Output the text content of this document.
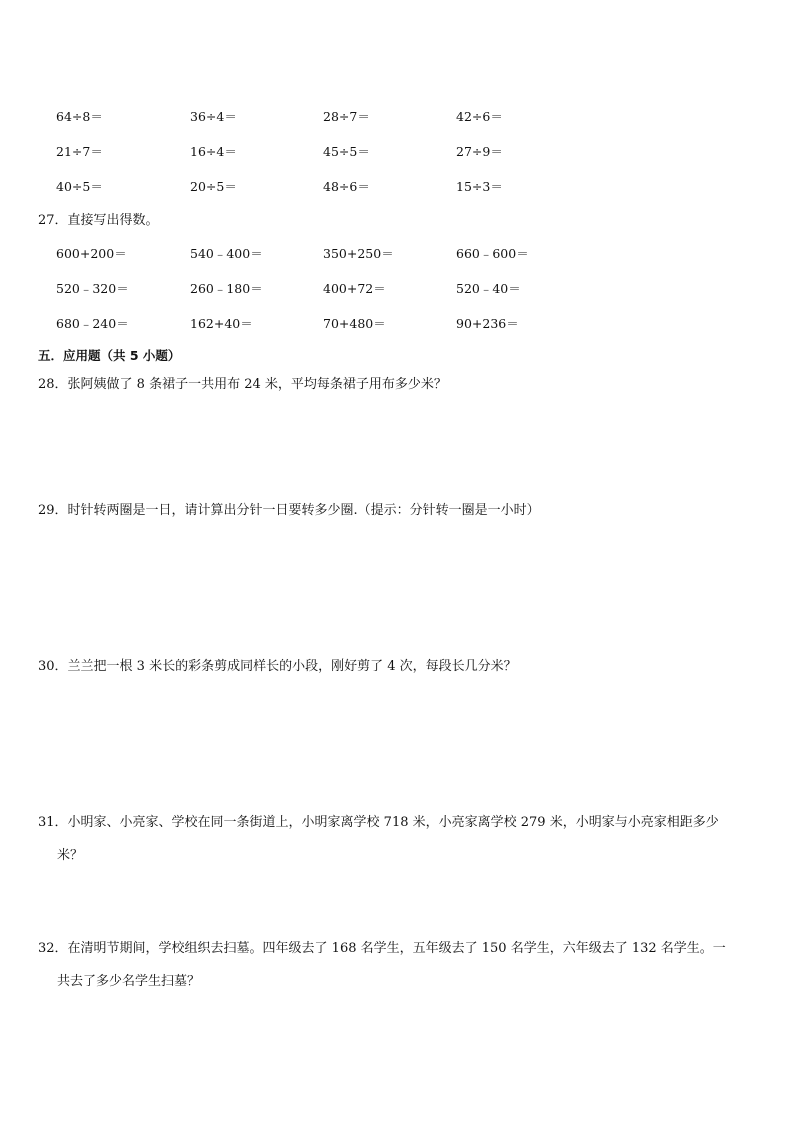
64÷8＝	36÷4＝	28÷7＝	42÷6＝
21÷7＝	16÷4＝	45÷5＝	27÷9＝
40÷5＝	20÷5＝	48÷6＝	15÷3＝
27．直接写出得数。
600+200＝	540﹣400＝	350+250＝	660﹣600＝
520﹣320＝	260﹣180＝	400+72＝	520﹣40＝
680﹣240＝	162+40＝	70+480＝	90+236＝
五．应用题（共 5 小题）
28．张阿姨做了 8 条裙子一共用布 24 米，平均每条裙子用布多少米？
29．时针转两圈是一日，请计算出分针一日要转多少圈.（提示：分针转一圈是一小时）
30．兰兰把一根 3 米长的彩条剪成同样长的小段，刚好剪了 4 次，每段长几分米？
31．小明家、小亮家、学校在同一条街道上，小明家离学校 718 米，小亮家离学校 279 米，小明家与小亮家相距多少
米？
32．在清明节期间，学校组织去扫墓。四年级去了 168 名学生，五年级去了 150 名学生，六年级去了 132 名学生。一
共去了多少名学生扫墓？
